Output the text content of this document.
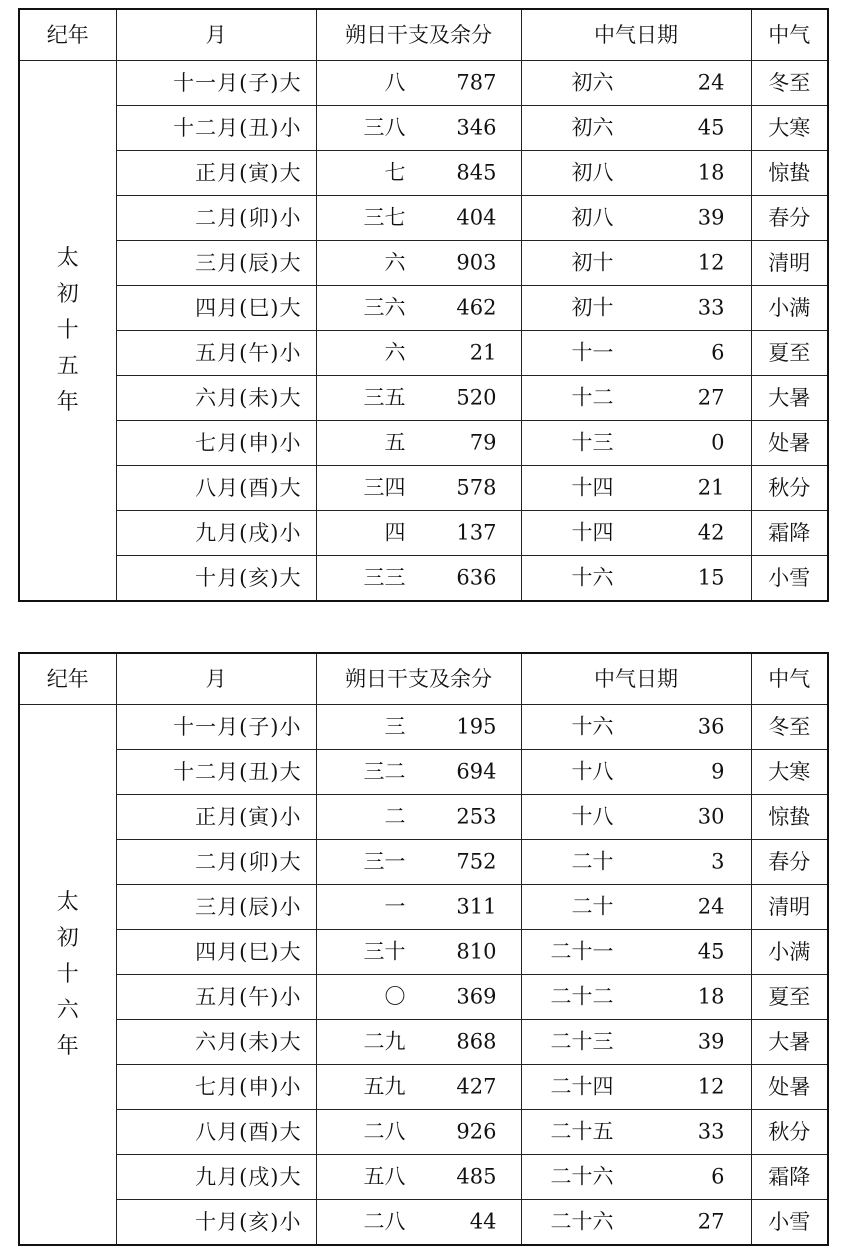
纪年	月	朔日干支及余分	中气日期	中气

太
初
十
五
年	十一月(子)大	八 787	初六 24	冬至
	十二月(丑)小	三八 346	初六 45	大寒
	正月(寅)大	七 845	初八 18	惊蛰
	二月(卯)小	三七 404	初八 39	春分
	三月(辰)大	六 903	初十 12	清明
	四月(巳)大	三六 462	初十 33	小满
	五月(午)小	六 21	十一 6	夏至
	六月(未)大	三五 520	十二 27	大暑
	七月(申)小	五 79	十三 0	处暑
	八月(酉)大	三四 578	十四 21	秋分
	九月(戌)小	四 137	十四 42	霜降
	十月(亥)大	三三 636	十六 15	小雪
纪年	月	朔日干支及余分	中气日期	中气

太
初
十
六
年	十一月(子)小	三 195	十六 36	冬至
	十二月(丑)大	三二 694	十八 9	大寒
	正月(寅)小	二 253	十八 30	惊蛰
	二月(卯)大	三一 752	二十 3	春分
	三月(辰)小	一 311	二十 24	清明
	四月(巳)大	三十 810	二十一 45	小满
	五月(午)小	〇 369	二十二 18	夏至
	六月(未)大	二九 868	二十三 39	大暑
	七月(申)小	五九 427	二十四 12	处暑
	八月(酉)大	二八 926	二十五 33	秋分
	九月(戌)大	五八 485	二十六 6	霜降
	十月(亥)小	二八 44	二十六 27	小雪
